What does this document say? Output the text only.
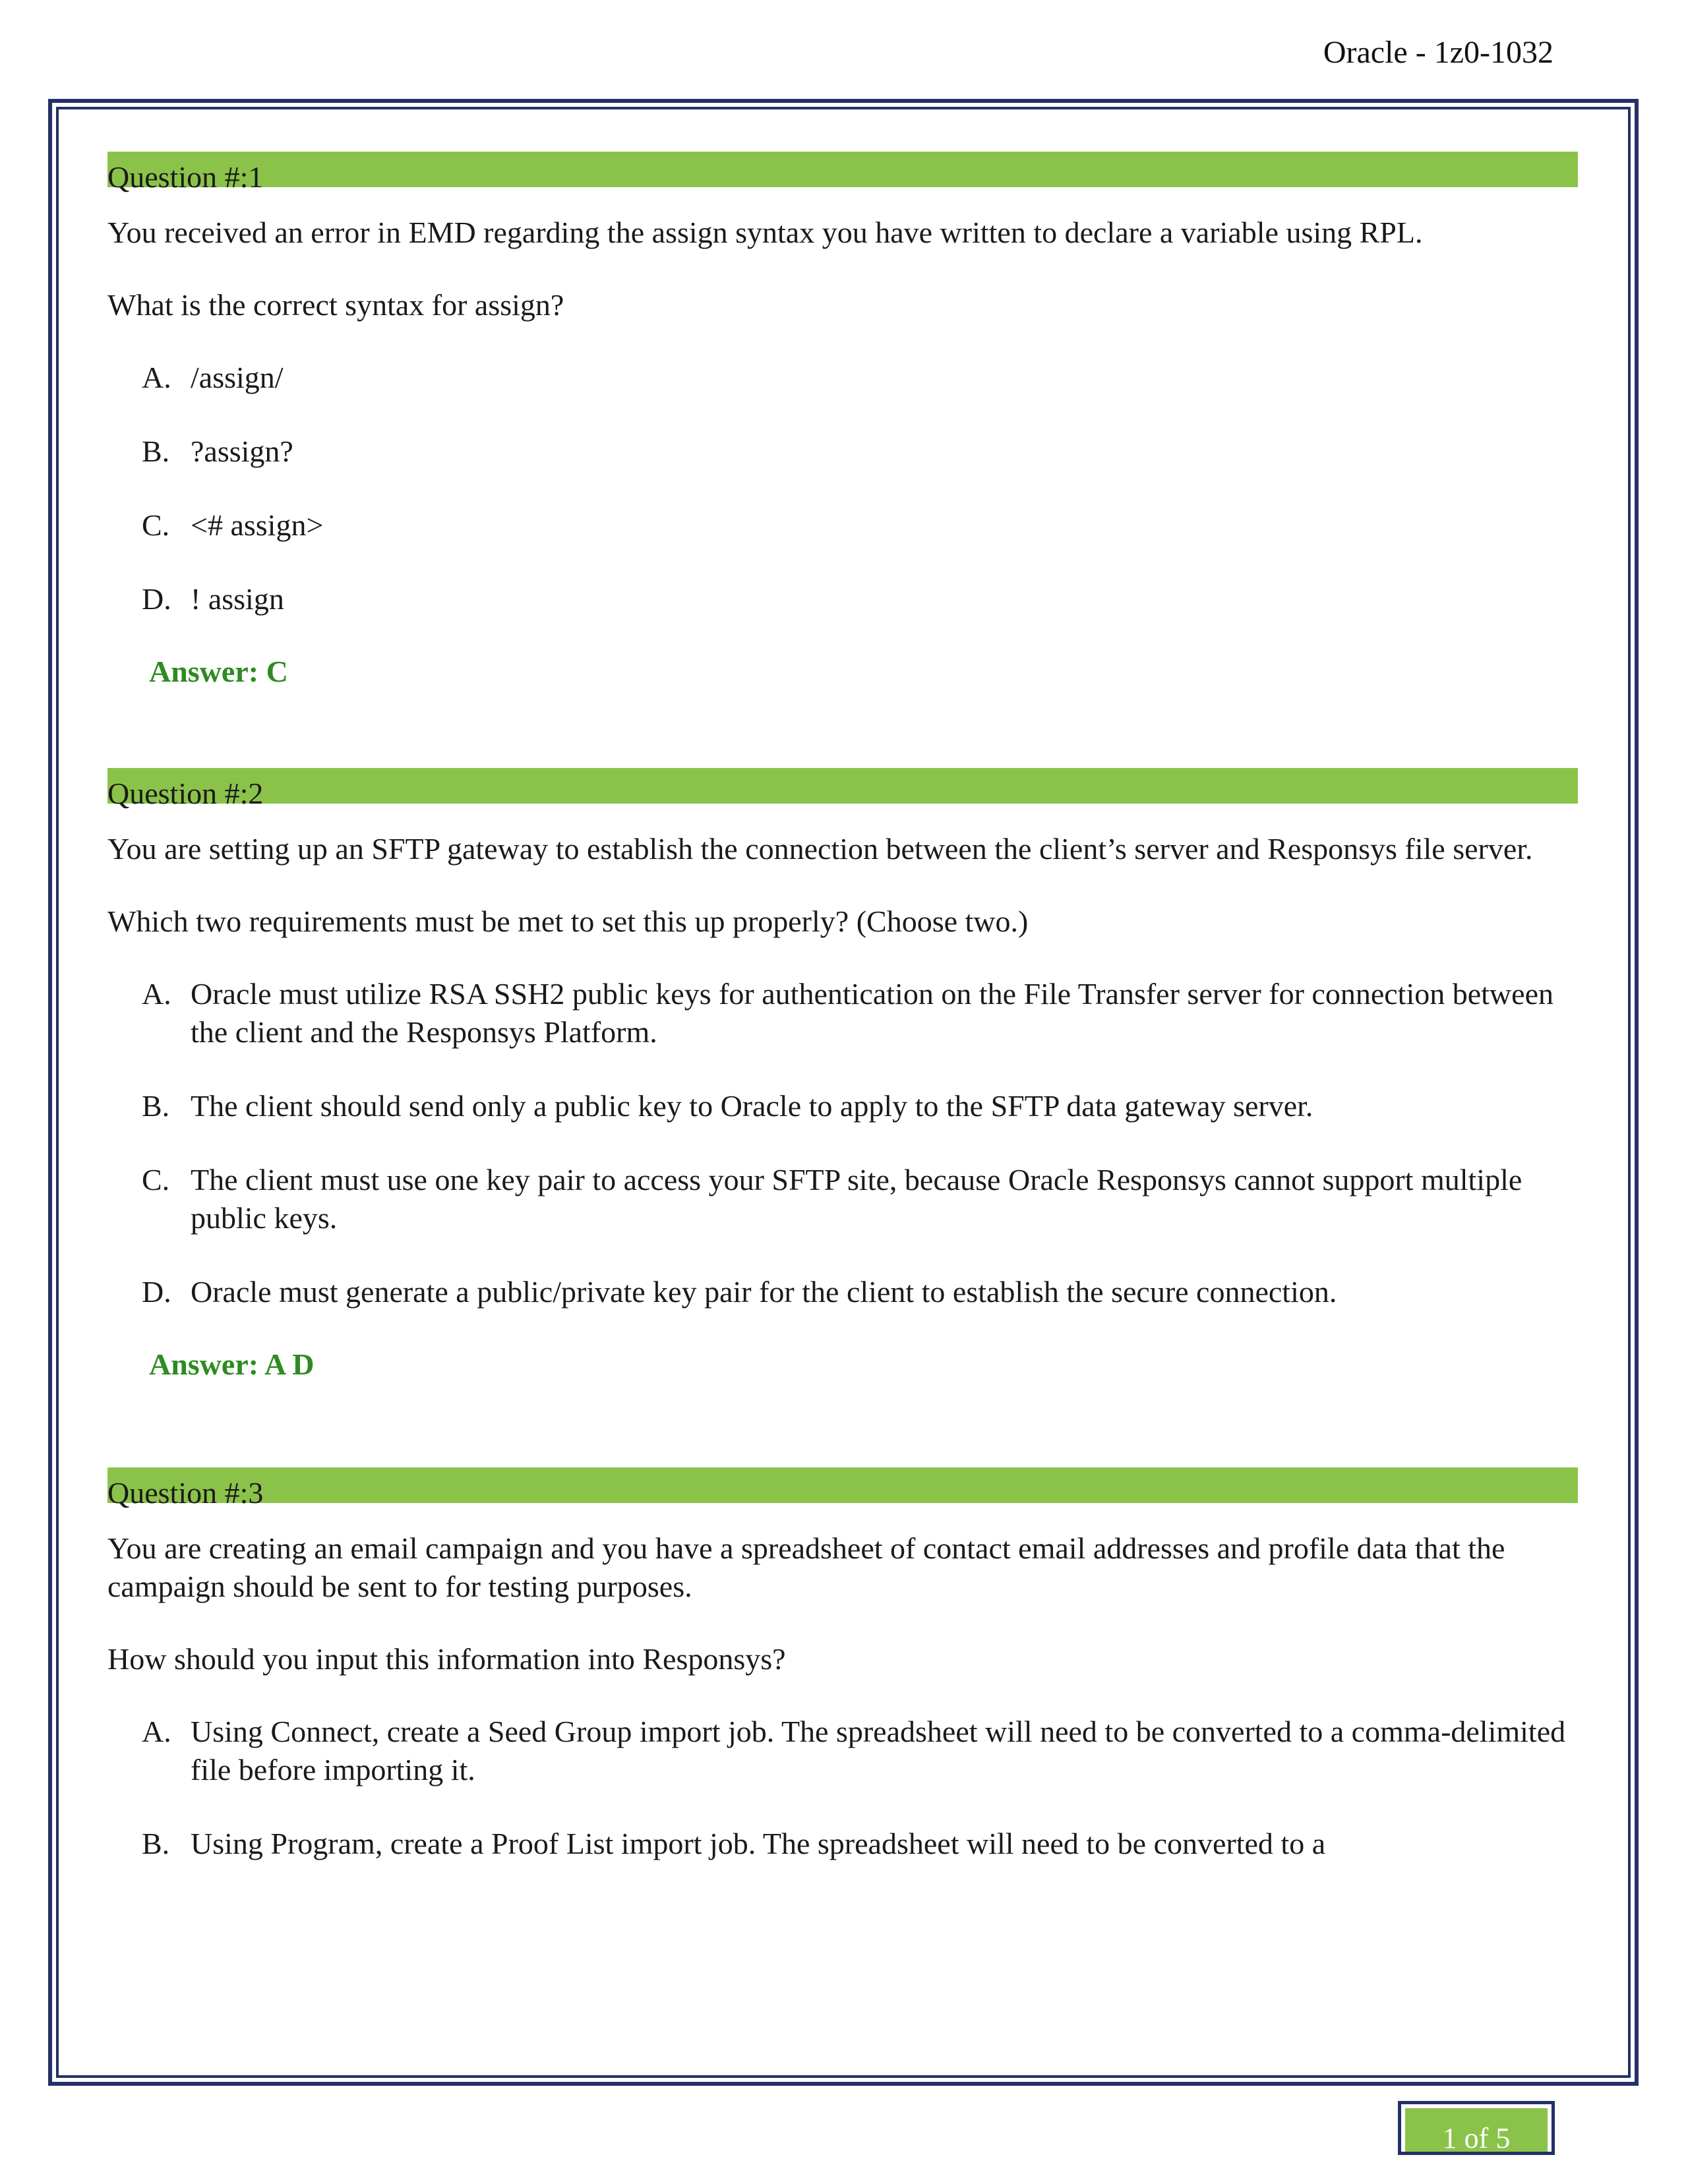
Oracle - 1z0-1032
Question #:1
You received an error in EMD regarding the assign syntax you have written to declare a variable using RPL.
What is the correct syntax for assign?
A. /assign/
B. ?assign?
C. <# assign>
D. ! assign
Answer: C
Question #:2
You are setting up an SFTP gateway to establish the connection between the client’s server and Responsys file server.
Which two requirements must be met to set this up properly? (Choose two.)
A. Oracle must utilize RSA SSH2 public keys for authentication on the File Transfer server for connection between the client and the Responsys Platform.
B. The client should send only a public key to Oracle to apply to the SFTP data gateway server.
C. The client must use one key pair to access your SFTP site, because Oracle Responsys cannot support multiple public keys.
D. Oracle must generate a public/private key pair for the client to establish the secure connection.
Answer: A D
Question #:3
You are creating an email campaign and you have a spreadsheet of contact email addresses and profile data that the campaign should be sent to for testing purposes.
How should you input this information into Responsys?
A. Using Connect, create a Seed Group import job. The spreadsheet will need to be converted to a comma-delimited file before importing it.
B. Using Program, create a Proof List import job. The spreadsheet will need to be converted to a
1 of 5
